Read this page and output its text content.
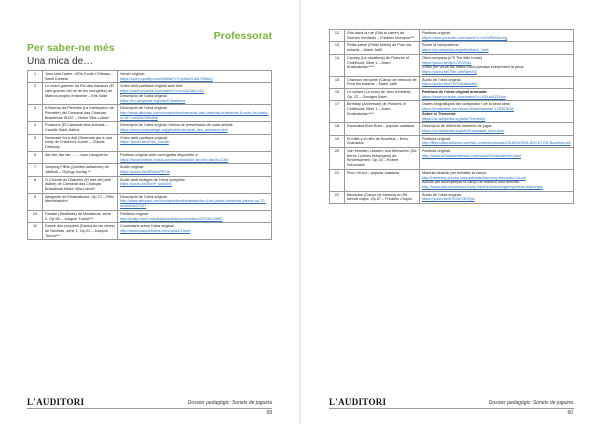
Professorat
Per saber-ne més
Una mica de…
1	Joes sela l'arbre, d'Els Coufs i l'Stesso – Santi Cantela	Versió original:
https://open.spotify.com/intl/8fa7YCXy5Ad/Ld0Li7B8cQ

2	Le chant guerrier du Roi des hanacos (El cant guerrer del rei de les mongetes) de Mamos proprio enfantine – Erik Satie	Vídeo amb partitura original amb text:
https://www.youtube.com/watch?v=m4Jp7aKLn10
Descripció de l'obra original:
https://en.wikipedia.org/wiki/Enfantines

3	A Marcha da Pierrette (La marieparno de Pierrette) del Carnaval das Crianças Brasileiras W157 – Heitor Villa-Lobos*	Descripció de l'obra original:
http://www.allmusic.com/composition/carnaval-das-criancas-brasileiras-8-suite-for-piano-w-157-mc0002356858

4	Poissons (El Carnaval dels animals – Camille Saint-Saëns	Descripció de l'obra original i textos de presentació de cada animal:
https://www.musicaleige.org/pbnimi/carnaval_des_animaux.html

5	Serenade for a doll (Serenata per a una nina) de Children's corner – Claude Debussy	Vídeo amb partitura original:
https://youtu.be/d7da_oovola

6	Ale fan, fan fan,… – Joan Llongueres	Partitura original amb coreografia disponible a:
https://www.trobem-music.com/en/choral/ale-fan-fan-fan-fa-1164

7	Jumping Fiffhs (Quintes saltarines) de Játékok – György Kurtág **	Àudio original:
https://youtu.be/3lRUhxFR7ia

8	O Chicote do Diabinho (El fuet del petit diable) de Carnaval das Crianças Brasileiras Heitor Villa-Lobos*	Àudio amb imatges de l'obra completa:
https://youtu.be/EkhP_sn0GhE

9	Allegretto de Kinderstücke, Op.72 – Felix Mendelssohn	Descripció de l'obra original:
http://www.allmusic.com/composition/kinderstucke-6-for-piano-christmas-pieces-op-72-mc0000627107

10	Parade (Desfilada) de Miniaturas, sèrie 2, Op.56 – Joaquín Turina***	Partitura original:
http://imslp.nwch.edu/linkplus/fella/composition/2FS3A1S682

11	Danse des poupées (Dansa de les nines) de Nòvetas, sèrie 1, Op.21 – Joaquín Turina***	Comentaris sobre l'obra original:
http://www.joaquinturina.com/opus21.html
L'AUDITORI	Dossier pedagògic: Sonets de joguina
59
12	Gris dans la rue (Gits al carrer) de Scènes d'enfants – Frederic Mompou***	Partitura original:
https://www.youtube.com/watch?v=ovSzRW0boXg

13	Petits sabre (Petits follets) de Pour les enfants – Marie Jaëll	Sobre la compositora:
https://ca.wikipedia.org/wiki/Marie_Jaëll

14	Cavalry (La cavalleria) de Pictures of Childhood, llibre 1 – Aram Khatxaturian****	Obra completa (n°9 The little horse)
https://youtu.be/8pX7ZVZSkc
Vídeo per veure les mans d'una pianista interpretant la peça:
https://youtu.be/7Me-uWRqhWQ

15	Chanson berçante (Cançó de bressol) de Pour les enfants – Marie Jaëll	Àudio de l'obra original:
https://youtu.be/tYVOOAawqdkU

16	Le voilant (La roda) de Jeux d'enfants, Op. 22 – Georges Bizet	Partitura de l'obra original arranada:
https://www.youtube.com/watch?v=X5XaXQ2Xnw

17	Birthday (Aniversari) de Pictures of Childhood, llibre 1 – Aram Khatxaturian****	Dades biogràfiques del compositor i de la seva obra:
https://prolfshere.com/Aram-Khatchaturian-1333/DE/W
Sobre el Theremin:
https://ca.wikipedia.org/wiki/Theremin

18	Escarabat Bum Bum – popular catalana	Descripció de diferents maneres de jugar:
https://ca.wikipedia.org/wiki/Escarabat_bum-bum

19	El follet y el niño de Boceltos – Enric Granados	Partitura original:
http://files.hallertartunes.com/wp-content/uploads/2018/09/GRA-BOCETOS-Boceltos.pdf

20	Von fremden Ländern und Menschen (De terres i pobles estrangers) de Kinderszenen, Op.15 – Robert Schumann	Partitura original:
http://www.virtualsheetmusic.com/score/Kinderszenen.html

21	Plou i fa sol – popular catalana	Material didàctic per treballar la cançó:
http://harmony-surveo.com/activiats/harmony-encuisto-i-fa-sol
Acords per acompanyar la cançó de manera molt senzilla:
http://www.ackord.net/acord.php?idioFirstIdaniel/genny/hrem-nillprorgac

22	Berceuse (Cançó de bressol) en Re bemoll major, Op.57 – Frédéric Chopin	Àudio de l'obra original:
https://youtu.be/EOOzF2EHQw
L'AUDITORI	Dossier pedagògic: Sonets de joguina
60
